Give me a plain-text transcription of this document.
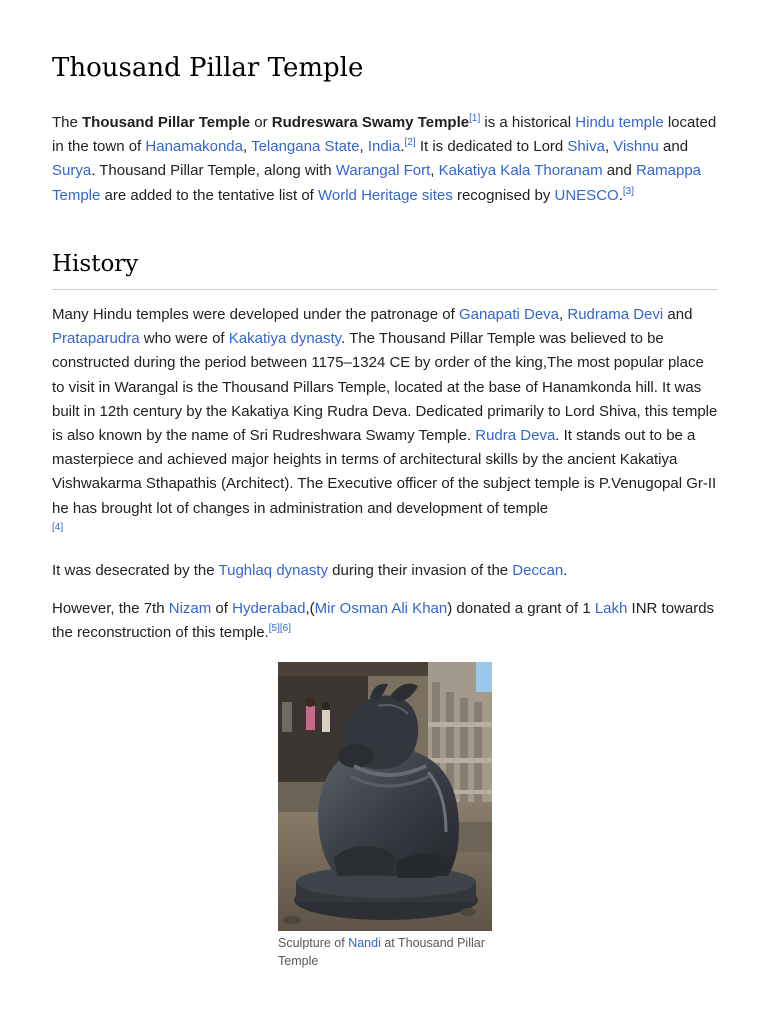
Thousand Pillar Temple

The Thousand Pillar Temple or Rudreswara Swamy Temple[1] is a historical Hindu temple located in the town of Hanamakonda, Telangana State, India.[2] It is dedicated to Lord Shiva, Vishnu and Surya. Thousand Pillar Temple, along with Warangal Fort, Kakatiya Kala Thoranam and Ramappa Temple are added to the tentative list of World Heritage sites recognised by UNESCO.[3]

History

Many Hindu temples were developed under the patronage of Ganapati Deva, Rudrama Devi and Prataparudra who were of Kakatiya dynasty. The Thousand Pillar Temple was believed to be constructed during the period between 1175–1324 CE by order of the king,The most popular place to visit in Warangal is the Thousand Pillars Temple, located at the base of Hanamkonda hill. It was built in 12th century by the Kakatiya King Rudra Deva. Dedicated primarily to Lord Shiva, this temple is also known by the name of Sri Rudreshwara Swamy Temple. Rudra Deva. It stands out to be a masterpiece and achieved major heights in terms of architectural skills by the ancient Kakatiya Vishwakarma Sthapathis (Architect). The Executive officer of the subject temple is P.Venugopal Gr-II he has brought lot of changes in administration and development of temple
[4]

It was desecrated by the Tughlaq dynasty during their invasion of the Deccan.

However, the 7th Nizam of Hyderabad,(Mir Osman Ali Khan) donated a grant of 1 Lakh INR towards the reconstruction of this temple.[5][6]

Sculpture of Nandi at Thousand Pillar Temple
